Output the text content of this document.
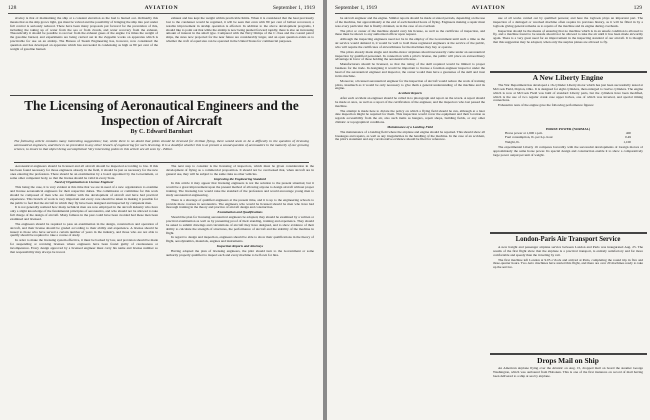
128	AVIATION	September 1, 1919

siveloy is that of maintaining the ship at a constant elevation as the fuel is burned out. Ordinarily this means that as the ship grows light, gas must be valved and the possibility of bringing the ship into port under full control is seriously reduced. There have been many proposals put forward for the prevention of this, including the taking up of water from the sea or from clouds, and water recovery from the exhaust. Theoretically it should be possible to recover from the exhaust gases of the engine 1¼ times the weight of the gasoline burned, and experiments are being carried out in the Zeppelin works on apparatus which is practicable for use on an airship. The Bureau of Steam Engineering has, however, now considered the question and has developed an apparatus which has succeeded in condensing as high as 80 per cent of the weight of gasoline burned.

exhaust and has kept the weight within practicable limits. When it is considered that the heat previously lost to the condenser would be regained, it will be seen that even with 80 per cent of ballast recovered, a notable improvement in airship operation is effected. In addition to the above development programs, I should like to point out that while the airship is now being pushed forward rapidly, there is also an increasing amount of interest in the small type. Compared with the Navy blimps of the C class and the coastal patrol ships, the sizes now projected for the near future are considerably larger, and an open question exists as to whether the craft of equal size can be operated in the United States for commercial purposes.

The Licensing of Aeronautical Engineers and the Inspection of Aircraft
By C. Edward Barnhart
The following article contains many interesting suggestions; but, while there is no doubt that pilots should be licensed for civilian flying, there would seem to be a difficulty in the question of licensing aeronautical engineers, and there is no precedent in any other branch of engineering for such licensing. It is a doubtful whether this is at present a sound question of aeronautics in the maturity of our growing science, to insure to that object being accomplished. Very interesting points in this article are all seen by - Editor.

Aeronautical engineers should be licensed and all aircraft should be inspected according to law. If this has been found necessary for those engineers already in the field, it should be just as necessary for the new ones entering the profession. There should be an examination by a board appointed by the Government, or some other competent body, so that the license should be valid in every State.

Need of Organization to License Engineer

This being the case, it is very evident at this time that we are in need of a new organization to examine and license aeronautical engineers for their respective duties. The commission or committee for this work should be composed of men who are familiar with the development of aircraft and have had practical experience. This branch of work is very important and every care should be taken in making it possible for the public to feel that the aircraft in which they fly have been designed and inspected by competent men.

It is not generally realized how many technical men are now employed in the aircraft industry who have only a slight knowledge of the fundamental principles of aeronautics, and who should not be allowed to take full charge of the design of aircraft. Many failures in the past could have been avoided had these men been examined and licensed.

The engineers should be required to pass an examination in the design, construction and operation of aircraft, and their license should be graded according to their ability and experience. A license should be issued to those who have served a certain number of years in the industry, and those who are not able to qualify should be required to take a course of study.

In order to make the licensing system effective, it must be backed by law, and provision should be made for suspending or revoking licenses where engineers have been found guilty of carelessness or incompetence. Every design approved by a licensed engineer must carry his name and license number so that responsibility may always be traced.

The next step to consider is the licensing of inspectors, which must be given consideration in the development of flying as a commercial proposition. It should not be overlooked that, when aircraft are in general use, they will be subject to the same risks as other vehicles.

Improving the Engineering Standard

In this article it may appear that licensing engineers is not the solution to the present situation; but it would be a great improvement upon the present method of allowing anyone to design aircraft without proper training. The licensing law would raise the standard of the profession and would encourage young men to study aeronautical engineering.

There is a shortage of qualified engineers at the present time, and it is up to the engineering schools to provide more courses in aeronautics. The engineers who would be licensed should be men who have had thorough training in the theory and practice of aircraft design and construction.

Examination and Qualifications

Should the plan for licensing aeronautical engineers be adopted, they should be examined by a written or practical examination as well as by presenting proof of their standing, training and experience. They should be asked to submit drawings and calculations of aircraft they have designed, and to show evidence of their ability to calculate the strength of structures, the performance of aircraft and the stability of the machine in flight.

In regard to design and inspection, engineers should be able to show their qualifications in the theory of flight, aerodynamics, materials, engines and instruments.

Inspection Reports and Attorneys

Having adopted the plan of licensing engineers, the pilot should turn to the Government or some authority properly qualified to inspect each and every machine to be flown for hire.

September 1, 1919	AVIATION	129

be aircraft engineer and the engine. Similar reports should be made at stated periods, depending on the use of the machine, but approximately at the end of each hundred hours of flying. Engineers making a repair must note every particular that is finally obtained, as in the case of an overhaul.

The pilot or owner of the machine should carry his license, as well as the certificate of inspection, and these must be shown to any authorized officer upon request.

Although the inspecting engineers need not be in the employ of the Government until such a time as the air service would demand it, it would be well to hold these registered engineers at the service of the public, who will require the certificates of airworthiness for the machines they buy or operate.

The pilots already made single and double-motor airplanes should necessarily come under an aeronautical inspection by qualified personnel. In connection with a pilot's license, the public will place an extraordinary advantage in favor of those holding the aeronautical license.

Manufacturers should be licensed, so that the rating of the skill required would be limited to proper business for the trade. In designing it would be important to license a foreman engineer inspector under the head of the aeronautical engineer and inspector, the owner would then have a guarantee of the skill and trust in his machine.

Moreover, a licensed aeronautical engineer for the inspection of aircraft would reduce the work of training pilots, inasmuch as it would be only necessary to give them a general understanding of the machine and its engine.

Accident Reports

After each accident an engineer should be called in to photograph and report on the wreck. A report should be made at once, as well as a report of the certification of the engineer, and the inspectors who last passed the machine.

The attempt is made here to dictate the policy on which a flying field should be run, although at a later date inspection might be required for them. This inspection would cover the equipment and their location as regards accessibility from the air, also such items as hangars, repair shops, building fields, or any other climatic or topographical conditions.

Maintenance of a Landing Field

The maintenance of a landing field where the airplane and engine should be repaired. This should show all breakages and repairs, as well as any irregularities in the handling of the machine. In the case of an accident, the pilot's statement and any corroborative evidence should be filed for reference.

use of all works carried out by qualified persons; and here the logbook plays an important part. The inspection of a damaged or wrecked machine often require its previous history, as it will be filled in by a logbook giving general remarks as to repairs of the machine and its engine during overhauls.

Inspection should be the means of ensuring that no machine which is in an unsafe condition is allowed to fly, and a machine found to be unsafe should not be allowed to take the air until it has been made airworthy again. There is a very great need for an improvement in the inspecting standard of our aircraft. It is thought that this suggestion may be adopted, when only the surplus planes are allowed to fly.

A New Liberty Engine

The War Department has developed a 16-cylinder Liberty motor which has just been successfully tested at McCook Field, Dayton, Ohio. It is designed for eight cylinders, then enlarged to twelve cylinders. The engine which is now at McCook Field was built of standard Liberty parts, but the cylinders have been modified, which is the use of two regular crank case upper halves, one of which was inverted, and special timing connections.

Exhaustive tests of the engine gave the following performance figures:

HORSE POWER (NORMAL)
Horse power at 1,600 r.p.m.	400
Fuel consumption, lb. per h.p. hour	0.49
Weight, lb.	1,100

The experimental Liberty 16 compares favorably with the successful developments of foreign motors of approximately the same horse power. Its special design and construction enable it to show a comparatively large power output per unit of weight.

London-Paris Air Transport Service

A new freight and passenger airplane service between London and Paris was inaugurated Aug. 25. The results of the first flight show that the airplane is a practical transport, is entirely satisfactory and far more comfortable and speedy than the traveling by rail.

The first machine left London at 9.05 o'clock and arrived at Paris, completing the round trip in five and three-quarter hours. Two Avro machines have started this flight, and there are over 20 machines ready to take up the service.

Drops Mail on Ship

An American airplane flying over the Atlantic on Aug. 15, dropped mail on board the steamer George Washington, which was outbound from Hoboken. This is one of the first instances on record of mail having been delivered to a ship at sea by airplane.
